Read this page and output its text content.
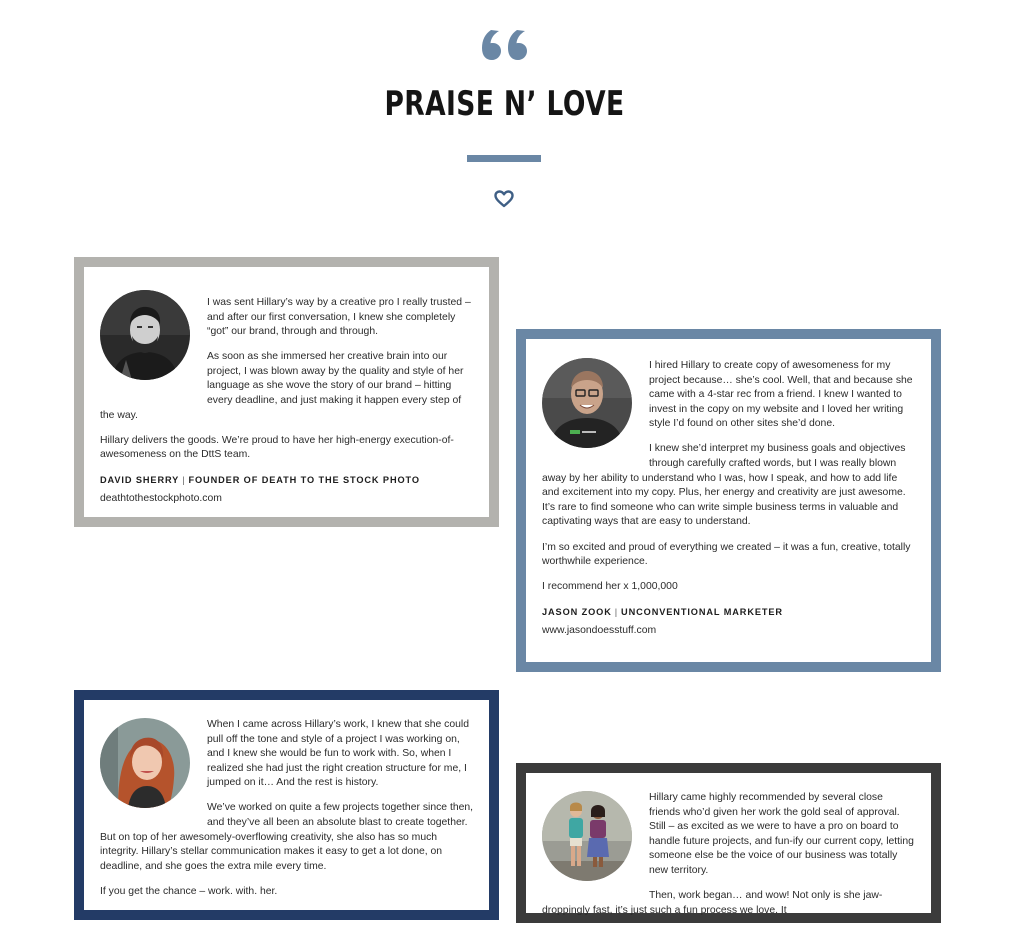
PRAISE N’ LOVE

I was sent Hillary’s way by a creative pro I really trusted – and after our first conversation, I knew she completely “got” our brand, through and through.

As soon as she immersed her creative brain into our project, I was blown away by the quality and style of her language as she wove the story of our brand – hitting every deadline, and just making it happen every step of the way.

Hillary delivers the goods. We’re proud to have her high-energy execution-of-awesomeness on the DttS team.

DAVID SHERRY | FOUNDER OF DEATH TO THE STOCK PHOTO
deathtothestockphoto.com

I hired Hillary to create copy of awesomeness for my project because… she’s cool. Well, that and because she came with a 4-star rec from a friend. I knew I wanted to invest in the copy on my website and I loved her writing style I’d found on other sites she’d done.

I knew she’d interpret my business goals and objectives through carefully crafted words, but I was really blown away by her ability to understand who I was, how I speak, and how to add life and excitement into my copy. Plus, her energy and creativity are just awesome. It’s rare to find someone who can write simple business terms in valuable and captivating ways that are easy to understand.

I’m so excited and proud of everything we created – it was a fun, creative, totally worthwhile experience.

I recommend her x 1,000,000

JASON ZOOK | UNCONVENTIONAL MARKETER
www.jasondoesstuff.com

When I came across Hillary’s work, I knew that she could pull off the tone and style of a project I was working on, and I knew she would be fun to work with. So, when I realized she had just the right creation structure for me, I jumped on it… And the rest is history.

We’ve worked on quite a few projects together since then, and they’ve all been an absolute blast to create together. But on top of her awesomely-overflowing creativity, she also has so much integrity. Hillary’s stellar communication makes it easy to get a lot done, on deadline, and she goes the extra mile every time.

If you get the chance – work. with. her.

Hillary came highly recommended by several close friends who’d given her work the gold seal of approval. Still – as excited as we were to have a pro on board to handle future projects, and fun-ify our current copy, letting someone else be the voice of our business was totally new territory.

Then, work began… and wow! Not only is she jaw-droppingly fast, it’s just such a fun process we love. It
